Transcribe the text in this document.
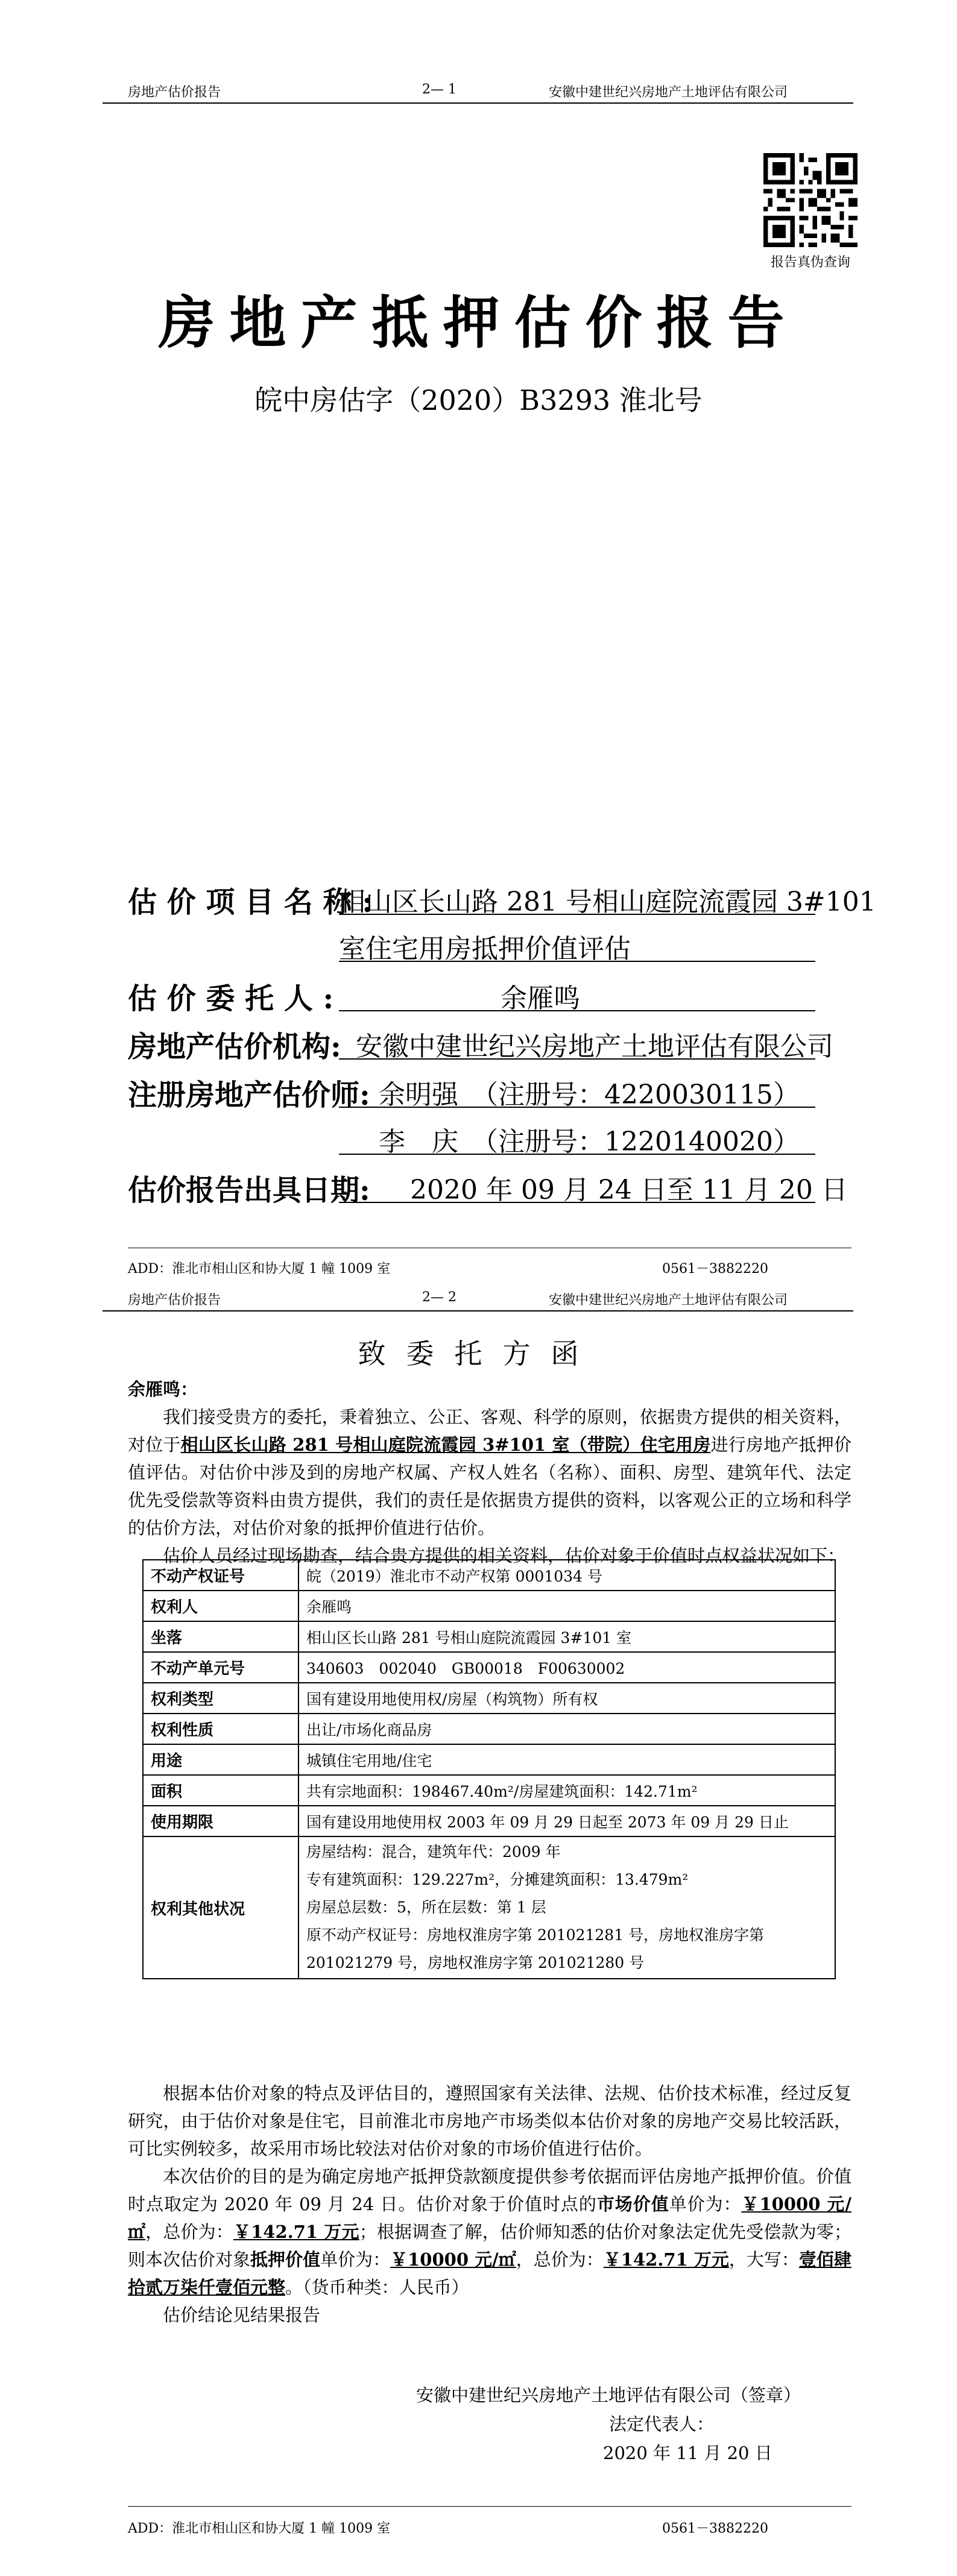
房地产估价报告	2— 1	安徽中建世纪兴房地产土地评估有限公司
报告真伪查询
房地产抵押估价报告
皖中房估字（2020）B3293 淮北号
估 价 项 目 名 称 :
相山区长山路 281 号相山庭院流霞园 3#101
室住宅用房抵押价值评估
估 价 委 托 人 :	余雁鸣
房地产估价机构: 安徽中建世纪兴房地产土地评估有限公司
注册房地产估价师: 余明强　（注册号：4220030115）
李　庆　（注册号：1220140020）
估价报告出具日期: 2020 年 09 月 24 日至 11 月 20 日
ADD：淮北市相山区和协大厦 1 幢 1009 室	0561－3882220
房地产估价报告	2— 2	安徽中建世纪兴房地产土地评估有限公司
致委托方函
余雁鸣：

我们接受贵方的委托，秉着独立、公正、客观、科学的原则，依据贵方提供的相关资料，对位于相山区长山路 281 号相山庭院流霞园 3#101 室（带院）住宅用房进行房地产抵押价值评估。对估价中涉及到的房地产权属、产权人姓名（名称）、面积、房型、建筑年代、法定优先受偿款等资料由贵方提供，我们的责任是依据贵方提供的资料，以客观公正的立场和科学的估价方法，对估价对象的抵押价值进行估价。

估价人员经过现场勘查，结合贵方提供的相关资料，估价对象于价值时点权益状况如下：

不动产权证号	皖（2019）淮北市不动产权第 0001034 号
权利人	余雁鸣
坐落	相山区长山路 281 号相山庭院流霞园 3#101 室
不动产单元号	340603　002040　GB00018　F00630002
权利类型	国有建设用地使用权/房屋（构筑物）所有权
权利性质	出让/市场化商品房
用途	城镇住宅用地/住宅
面积	共有宗地面积：198467.40m²/房屋建筑面积：142.71m²
使用期限	国有建设用地使用权 2003 年 09 月 29 日起至 2073 年 09 月 29 日止
权利其他状况	房屋结构：混合，建筑年代：2009 年
专有建筑面积：129.227m²，分摊建筑面积：13.479m²
房屋总层数：5，所在层数：第 1 层
原不动产权证号：房地权淮房字第 201021281 号，房地权淮房字第
201021279 号，房地权淮房字第 201021280 号

根据本估价对象的特点及评估目的，遵照国家有关法律、法规、估价技术标准，经过反复研究，由于估价对象是住宅，目前淮北市房地产市场类似本估价对象的房地产交易比较活跃，可比实例较多，故采用市场比较法对估价对象的市场价值进行估价。

本次估价的目的是为确定房地产抵押贷款额度提供参考依据而评估房地产抵押价值。价值时点取定为 2020 年 09 月 24 日。估价对象于价值时点的市场价值单价为：￥10000 元/㎡，总价为：￥142.71 万元；根据调查了解，估价师知悉的估价对象法定优先受偿款为零；则本次估价对象抵押价值单价为：￥10000 元/㎡，总价为：￥142.71 万元，大写：壹佰肆拾贰万柒仟壹佰元整。（货币种类：人民币）

估价结论见结果报告

安徽中建世纪兴房地产土地评估有限公司（签章）
法定代表人：
2020 年 11 月 20 日
ADD：淮北市相山区和协大厦 1 幢 1009 室	0561－3882220
